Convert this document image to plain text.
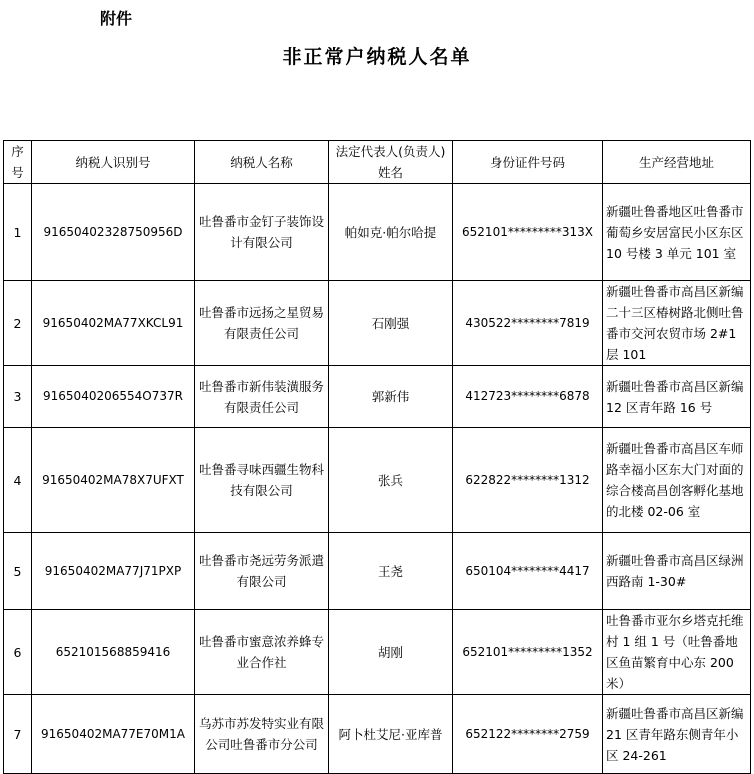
附件
非正常户纳税人名单
序号	纳税人识别号	纳税人名称	法定代表人(负责人)姓名	身份证件号码	生产经营地址
1	91650402328750956D	吐鲁番市金钉子装饰设计有限公司	帕如克·帕尔哈提	652101*********313X	新疆吐鲁番地区吐鲁番市葡萄乡安居富民小区东区 10 号楼 3 单元 101 室
2	91650402MA77XKCL91	吐鲁番市远扬之星贸易有限责任公司	石刚强	430522********7819	新疆吐鲁番市高昌区新编二十三区椿树路北侧吐鲁番市交河农贸市场 2#1 层 101
3	9165040206554O737R	吐鲁番市新伟装潢服务有限责任公司	郭新伟	412723********6878	新疆吐鲁番市高昌区新编 12 区青年路 16 号
4	91650402MA78X7UFXT	吐鲁番寻味西疆生物科技有限公司	张兵	622822********1312	新疆吐鲁番市高昌区车师路幸福小区东大门对面的综合楼高昌创客孵化基地的北楼 02-06 室
5	91650402MA77J71PXP	吐鲁番市尧远劳务派遣有限公司	王尧	650104********4417	新疆吐鲁番市高昌区绿洲西路南 1-30#
6	652101568859416	吐鲁番市蜜意浓养蜂专业合作社	胡刚	652101*********1352	吐鲁番市亚尔乡塔克托维村 1 组 1 号（吐鲁番地区鱼苗繁育中心东 200 米）
7	91650402MA77E70M1A	乌苏市苏发特实业有限公司吐鲁番市分公司	阿卜杜艾尼·亚库普	652122********2759	新疆吐鲁番市高昌区新编21 区青年路东侧青年小区 24-261
